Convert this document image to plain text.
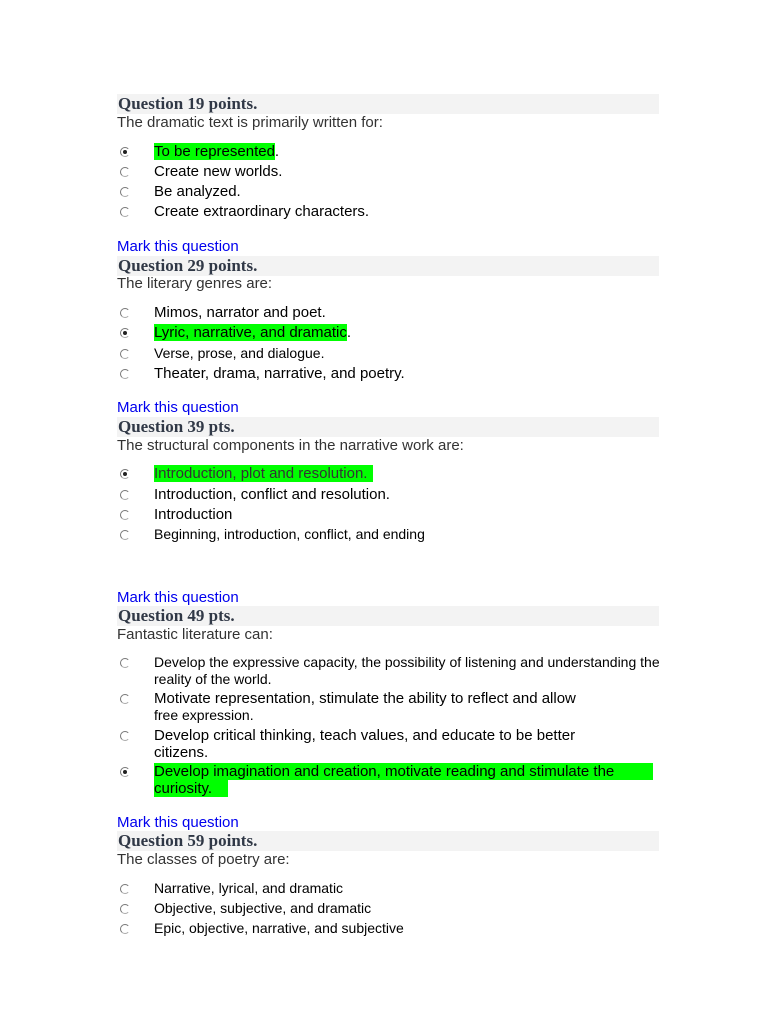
Question 19 points.
The dramatic text is primarily written for:
To be represented.
Create new worlds.
Be analyzed.
Create extraordinary characters.
Mark this question
Question 29 points.
The literary genres are:
Mimos, narrator and poet.
Lyric, narrative, and dramatic.
Verse, prose, and dialogue.
Theater, drama, narrative, and poetry.
Mark this question
Question 39 pts.
The structural components in the narrative work are:
Introduction, plot and resolution.
Introduction, conflict and resolution.
Introduction
Beginning, introduction, conflict, and ending
Mark this question
Question 49 pts.
Fantastic literature can:
Develop the expressive capacity, the possibility of listening and understanding the
reality of the world.
Motivate representation, stimulate the ability to reflect and allow
free expression.
Develop critical thinking, teach values, and educate to be better
citizens.
Develop imagination and creation, motivate reading and stimulate the
curiosity.
Mark this question
Question 59 points.
The classes of poetry are:
Narrative, lyrical, and dramatic
Objective, subjective, and dramatic
Epic, objective, narrative, and subjective
